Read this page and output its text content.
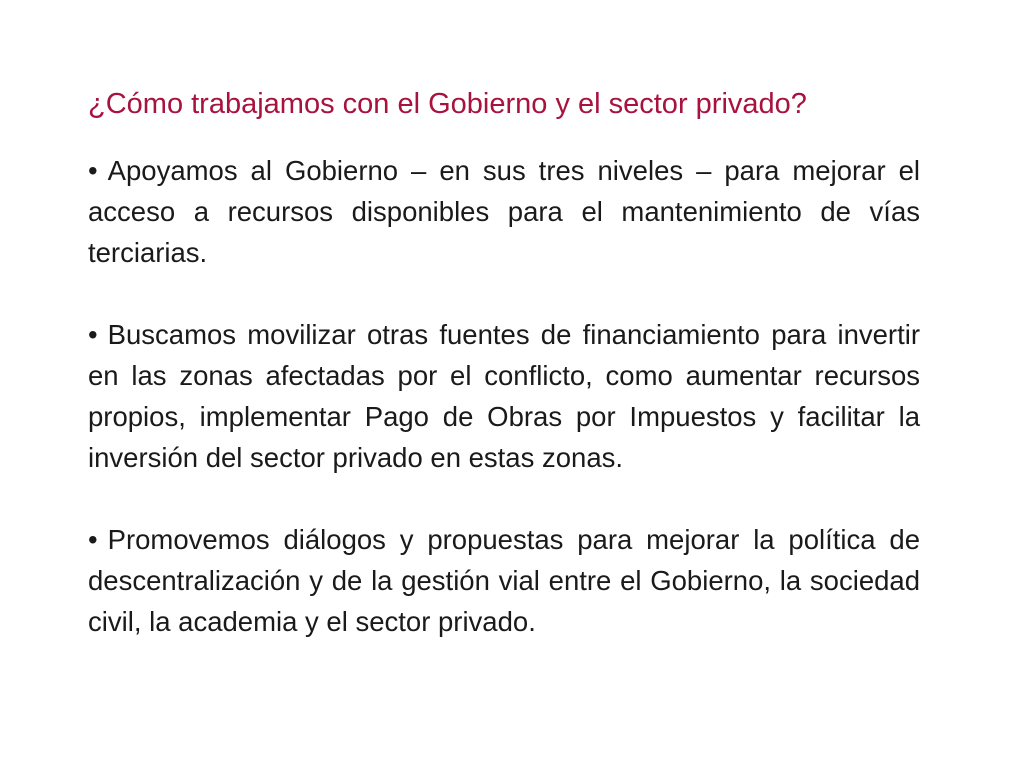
¿Cómo trabajamos con el Gobierno y el sector privado?
• Apoyamos al Gobierno – en sus tres niveles – para mejorar el acceso a recursos disponibles para el mantenimiento de vías terciarias.
• Buscamos movilizar otras fuentes de financiamiento para invertir en las zonas afectadas por el conflicto, como aumentar recursos propios, implementar Pago de Obras por Impuestos y facilitar la inversión del sector privado en estas zonas.
• Promovemos diálogos y propuestas para mejorar la política de descentralización y de la gestión vial entre el Gobierno, la sociedad civil, la academia y el sector privado.
